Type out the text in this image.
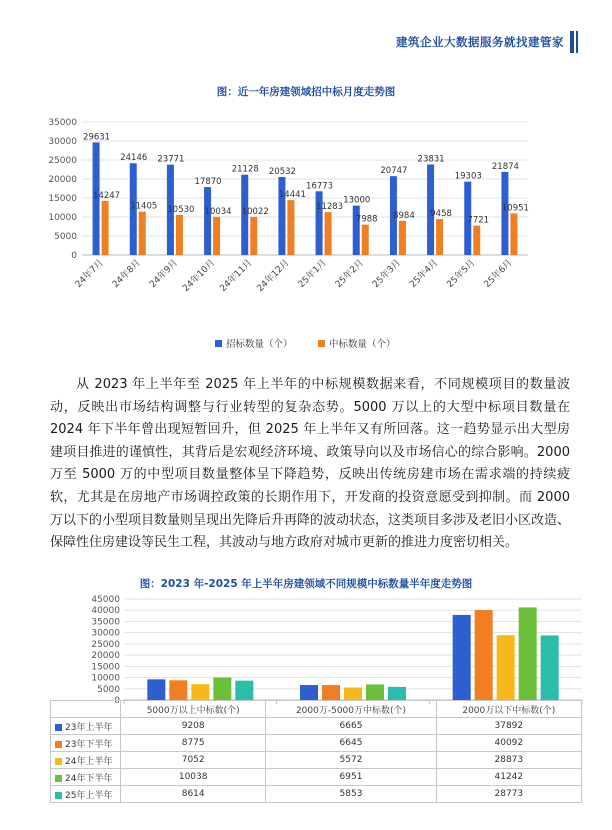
建筑企业大数据服务就找建管家
图：近一年房建领域招中标月度走势图
0
5000
10000
15000
20000
25000
30000
35000
29631
14247
24年7月
24146
11405
24年8月
23771
10530
24年9月
17870
10034
24年10月
21128
10022
24年11月
20532
14441
24年12月
16773
11283
25年1月
13000
7988
25年2月
20747
8984
25年3月
23831
9458
25年4月
19303
7721
25年5月
21874
10951
25年6月
招标数量（个）	中标数量（个）
从 2023 年上半年至 2025 年上半年的中标规模数据来看，不同规模项目的数量波动，反映出市场结构调整与行业转型的复杂态势。5000 万以上的大型中标项目数量在 2024 年下半年曾出现短暂回升，但 2025 年上半年又有所回落。这一趋势显示出大型房建项目推进的谨慎性，其背后是宏观经济环境、政策导向以及市场信心的综合影响。2000 万至 5000 万的中型项目数量整体呈下降趋势，反映出传统房建市场在需求端的持续疲软，尤其是在房地产市场调控政策的长期作用下，开发商的投资意愿受到抑制。而 2000 万以下的小型项目数量则呈现出先降后升再降的波动状态，这类项目多涉及老旧小区改造、保障性住房建设等民生工程，其波动与地方政府对城市更新的推进力度密切相关。
图：2023 年-2025 年上半年房建领域不同规模中标数量半年度走势图
0
5000
10000
15000
20000
25000
30000
35000
40000
45000
	5000万以上中标数(个)	2000万-5000万中标数(个)	2000万以下中标数(个)
23年上半年	9208	6665	37892
23年下半年	8775	6645	40092
24年上半年	7052	5572	28873
24年下半年	10038	6951	41242
25年上半年	8614	5853	28773
